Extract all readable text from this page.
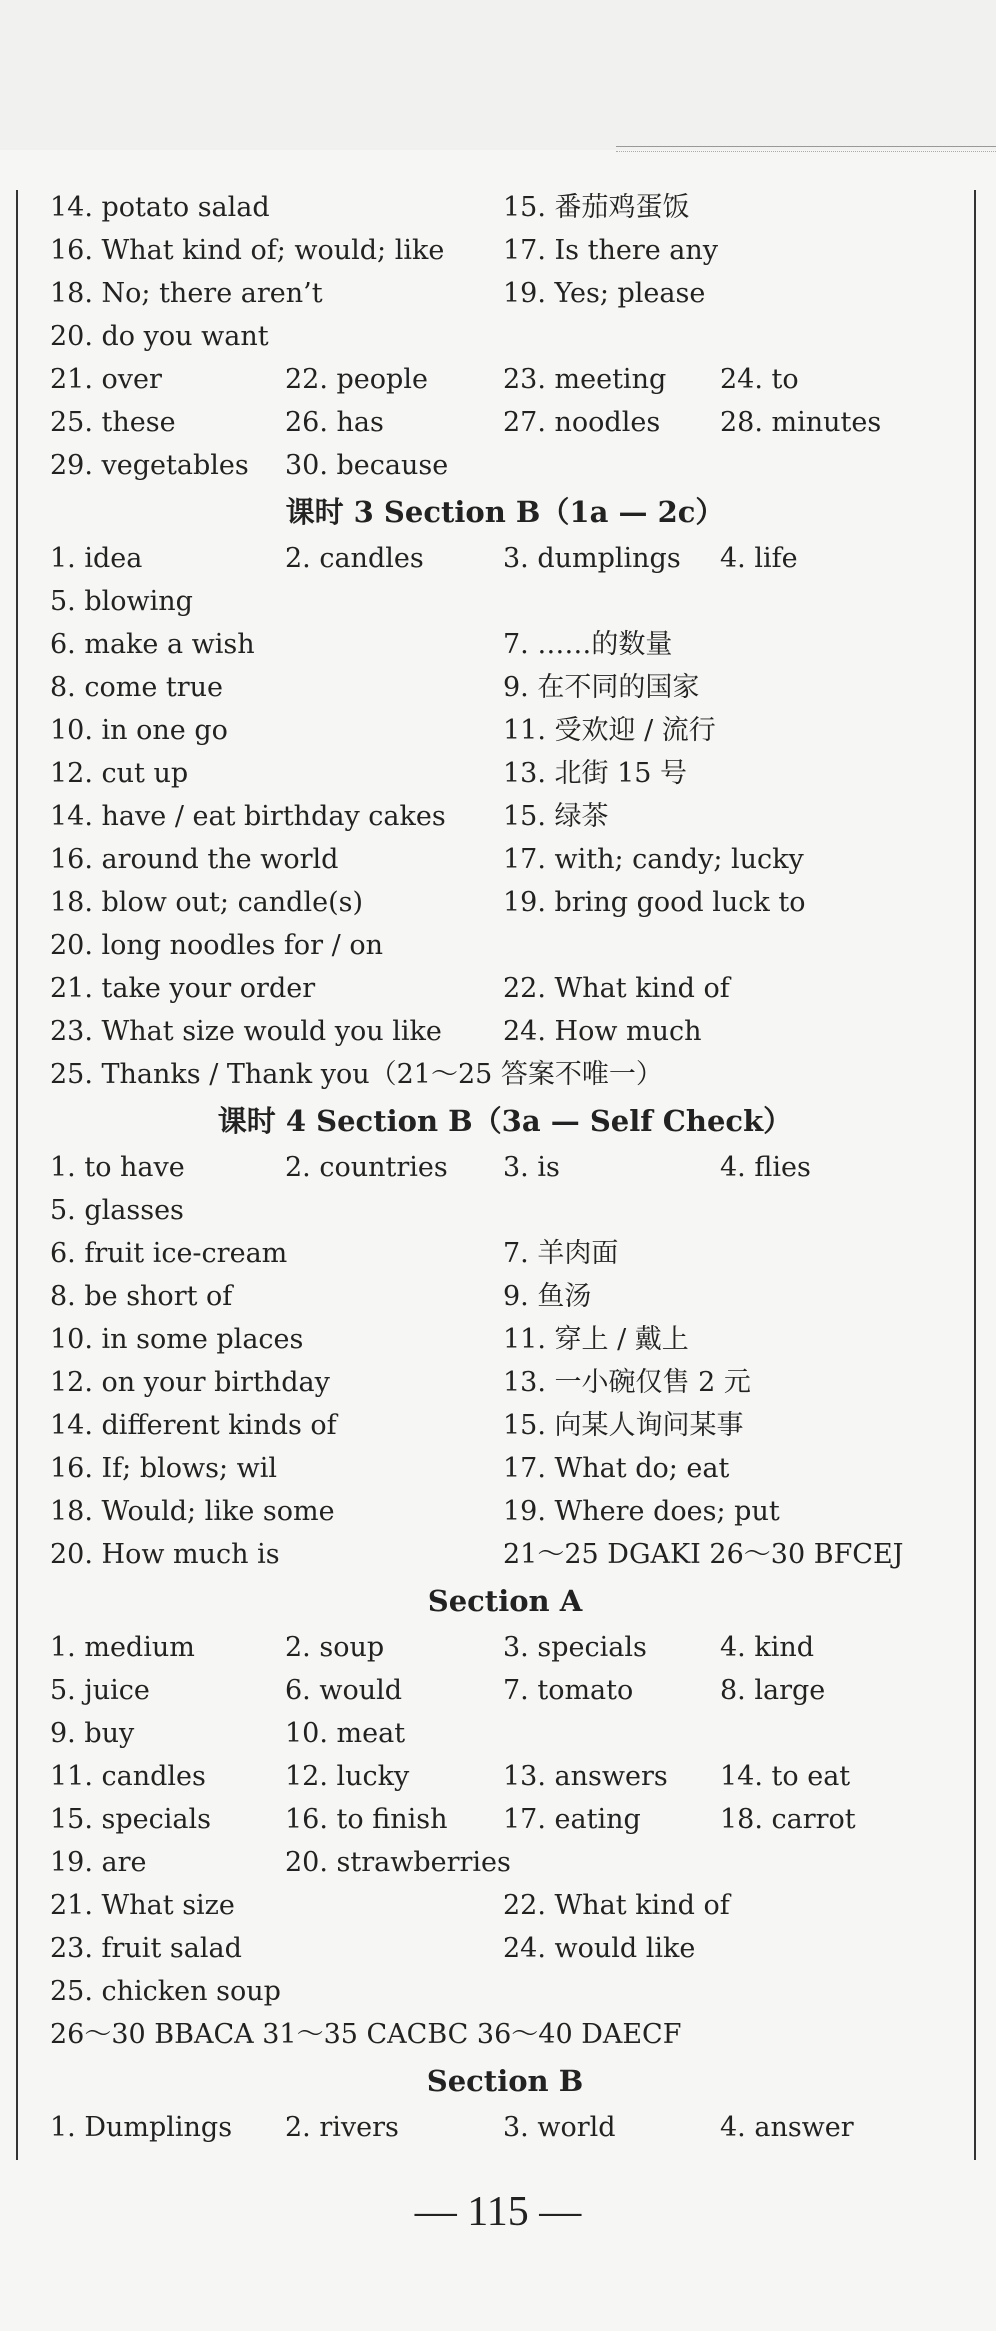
14. potato salad	15. 番茄鸡蛋饭
16. What kind of; would; like 17. Is there any
18. No; there aren’t	19. Yes; please
20. do you want
21. over	22. people	23. meeting 24. to
25. these	26. has	27. noodles 28. minutes
29. vegetables 30. because
课时 3 Section B（1a — 2c）
1. idea	2. candles	3. dumplings 4. life
5. blowing
6. make a wish	7. ……的数量
8. come true	9. 在不同的国家
10. in one go	11. 受欢迎 / 流行
12. cut up	13. 北街 15 号
14. have / eat birthday cakes 15. 绿茶
16. around the world	17. with; candy; lucky
18. blow out; candle(s)	19. bring good luck to
20. long noodles for / on
21. take your order	22. What kind of
23. What size would you like 24. How much
25. Thanks / Thank you（21～25 答案不唯一）
课时 4 Section B（3a — Self Check）
1. to have	2. countries 3. is	4. flies
5. glasses
6. fruit ice-cream	7. 羊肉面
8. be short of	9. 鱼汤
10. in some places	11. 穿上 / 戴上
12. on your birthday	13. 一小碗仅售 2 元
14. different kinds of	15. 向某人询问某事
16. If; blows; wil	17. What do; eat
18. Would; like some	19. Where does; put
20. How much is	21～25 DGAKI 26～30 BFCEJ
Section A
1. medium	2. soup	3. specials	4. kind
5. juice	6. would	7. tomato	8. large
9. buy	10. meat
11. candles	12. lucky	13. answers 14. to eat
15. specials	16. to finish 17. eating	18. carrot
19. are	20. strawberries
21. What size	22. What kind of
23. fruit salad	24. would like
25. chicken soup
26～30 BBACA 31～35 CACBC 36～40 DAECF
Section B
1. Dumplings 2. rivers	3. world	4. answer
— 115 —
